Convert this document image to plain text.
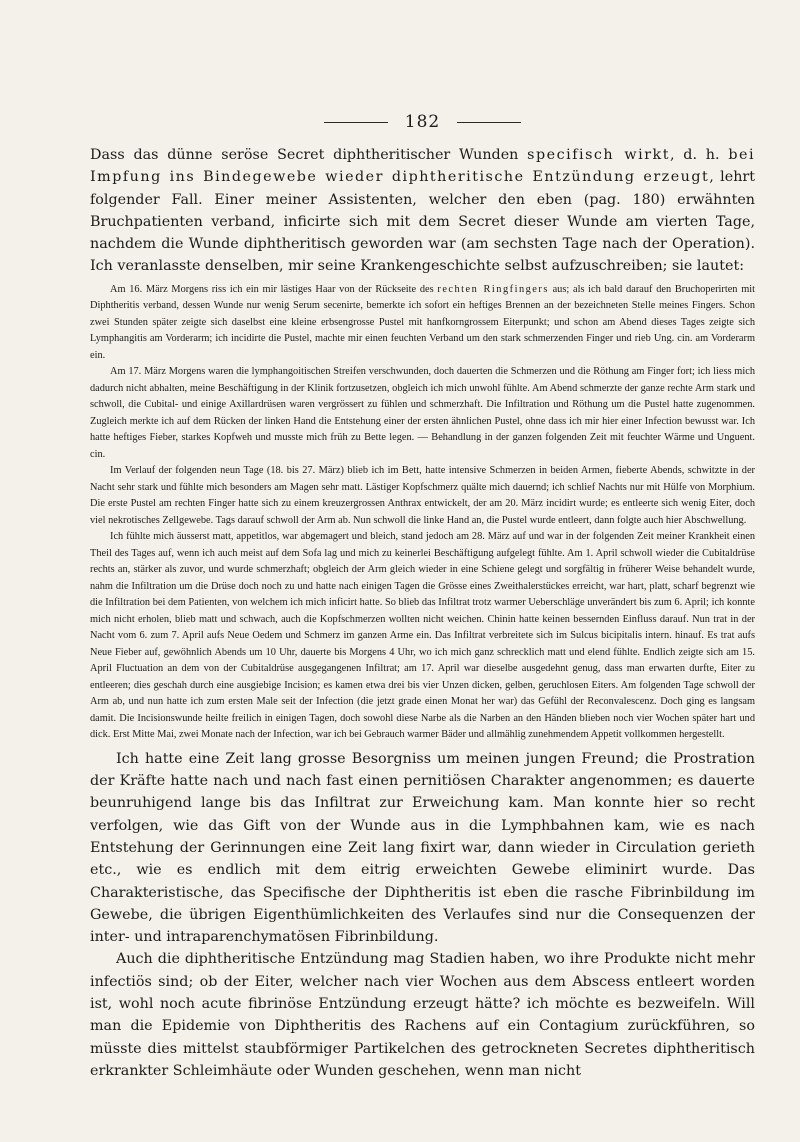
182

Dass das dünne seröse Secret diphtheritischer Wunden specifisch wirkt, d. h. bei Impfung ins Bindegewebe wieder diphtheritische Entzündung erzeugt, lehrt folgender Fall. Einer meiner Assistenten, welcher den eben (pag. 180) erwähnten Bruchpatienten verband, inficirte sich mit dem Secret dieser Wunde am vierten Tage, nachdem die Wunde diphtheritisch geworden war (am sechsten Tage nach der Operation). Ich veranlasste denselben, mir seine Krankengeschichte selbst aufzuschreiben; sie lautet:

Am 16. März Morgens riss ich ein mir lästiges Haar von der Rückseite des rechten Ringfingers aus; als ich bald darauf den Bruchoperirten mit Diphtheritis verband, dessen Wunde nur wenig Serum secenirte, bemerkte ich sofort ein heftiges Brennen an der bezeichneten Stelle meines Fingers. Schon zwei Stunden später zeigte sich daselbst eine kleine erbsengrosse Pustel mit hanfkorngrossem Eiterpunkt; und schon am Abend dieses Tages zeigte sich Lymphangitis am Vorderarm; ich incidirte die Pustel, machte mir einen feuchten Verband um den stark schmerzenden Finger und rieb Ung. cin. am Vorderarm ein.

Am 17. März Morgens waren die lymphangoitischen Streifen verschwunden, doch dauerten die Schmerzen und die Röthung am Finger fort; ich liess mich dadurch nicht abhalten, meine Beschäftigung in der Klinik fortzusetzen, obgleich ich mich unwohl fühlte. Am Abend schmerzte der ganze rechte Arm stark und schwoll, die Cubital- und einige Axillardrüsen waren vergrössert zu fühlen und schmerzhaft. Die Infiltration und Röthung um die Pustel hatte zugenommen. Zugleich merkte ich auf dem Rücken der linken Hand die Entstehung einer der ersten ähnlichen Pustel, ohne dass ich mir hier einer Infection bewusst war. Ich hatte heftiges Fieber, starkes Kopfweh und musste mich früh zu Bette legen. — Behandlung in der ganzen folgenden Zeit mit feuchter Wärme und Unguent. cin.

Im Verlauf der folgenden neun Tage (18. bis 27. März) blieb ich im Bett, hatte intensive Schmerzen in beiden Armen, fieberte Abends, schwitzte in der Nacht sehr stark und fühlte mich besonders am Magen sehr matt. Lästiger Kopfschmerz quälte mich dauernd; ich schlief Nachts nur mit Hülfe von Morphium. Die erste Pustel am rechten Finger hatte sich zu einem kreuzergrossen Anthrax entwickelt, der am 20. März incidirt wurde; es entleerte sich wenig Eiter, doch viel nekrotisches Zellgewebe. Tags darauf schwoll der Arm ab. Nun schwoll die linke Hand an, die Pustel wurde entleert, dann folgte auch hier Abschwellung.

Ich fühlte mich äusserst matt, appetitlos, war abgemagert und bleich, stand jedoch am 28. März auf und war in der folgenden Zeit meiner Krankheit einen Theil des Tages auf, wenn ich auch meist auf dem Sofa lag und mich zu keinerlei Beschäftigung aufgelegt fühlte. Am 1. April schwoll wieder die Cubitaldrüse rechts an, stärker als zuvor, und wurde schmerzhaft; obgleich der Arm gleich wieder in eine Schiene gelegt und sorgfältig in früherer Weise behandelt wurde, nahm die Infiltration um die Drüse doch noch zu und hatte nach einigen Tagen die Grösse eines Zweithalerstückes erreicht, war hart, platt, scharf begrenzt wie die Infiltration bei dem Patienten, von welchem ich mich inficirt hatte. So blieb das Infiltrat trotz warmer Ueberschläge unverändert bis zum 6. April; ich konnte mich nicht erholen, blieb matt und schwach, auch die Kopfschmerzen wollten nicht weichen. Chinin hatte keinen bessernden Einfluss darauf. Nun trat in der Nacht vom 6. zum 7. April aufs Neue Oedem und Schmerz im ganzen Arme ein. Das Infiltrat verbreitete sich im Sulcus bicipitalis intern. hinauf. Es trat aufs Neue Fieber auf, gewöhnlich Abends um 10 Uhr, dauerte bis Morgens 4 Uhr, wo ich mich ganz schrecklich matt und elend fühlte. Endlich zeigte sich am 15. April Fluctuation an dem von der Cubitaldrüse ausgegangenen Infiltrat; am 17. April war dieselbe ausgedehnt genug, dass man erwarten durfte, Eiter zu entleeren; dies geschah durch eine ausgiebige Incision; es kamen etwa drei bis vier Unzen dicken, gelben, geruchlosen Eiters. Am folgenden Tage schwoll der Arm ab, und nun hatte ich zum ersten Male seit der Infection (die jetzt grade einen Monat her war) das Gefühl der Reconvalescenz. Doch ging es langsam damit. Die Incisionswunde heilte freilich in einigen Tagen, doch sowohl diese Narbe als die Narben an den Händen blieben noch vier Wochen später hart und dick. Erst Mitte Mai, zwei Monate nach der Infection, war ich bei Gebrauch warmer Bäder und allmählig zunehmendem Appetit vollkommen hergestellt.

Ich hatte eine Zeit lang grosse Besorgniss um meinen jungen Freund; die Prostration der Kräfte hatte nach und nach fast einen pernitiösen Charakter angenommen; es dauerte beunruhigend lange bis das Infiltrat zur Erweichung kam. Man konnte hier so recht verfolgen, wie das Gift von der Wunde aus in die Lymphbahnen kam, wie es nach Entstehung der Gerinnungen eine Zeit lang fixirt war, dann wieder in Circulation gerieth etc., wie es endlich mit dem eitrig erweichten Gewebe eliminirt wurde. Das Charakteristische, das Specifische der Diphtheritis ist eben die rasche Fibrinbildung im Gewebe, die übrigen Eigenthümlichkeiten des Verlaufes sind nur die Consequenzen der inter- und intraparenchymatösen Fibrinbildung.

Auch die diphtheritische Entzündung mag Stadien haben, wo ihre Produkte nicht mehr infectiös sind; ob der Eiter, welcher nach vier Wochen aus dem Abscess entleert worden ist, wohl noch acute fibrinöse Entzündung erzeugt hätte? ich möchte es bezweifeln. Will man die Epidemie von Diphtheritis des Rachens auf ein Contagium zurückführen, so müsste dies mittelst staubförmiger Partikelchen des getrockneten Secretes diphtheritisch erkrankter Schleimhäute oder Wunden geschehen, wenn man nicht
